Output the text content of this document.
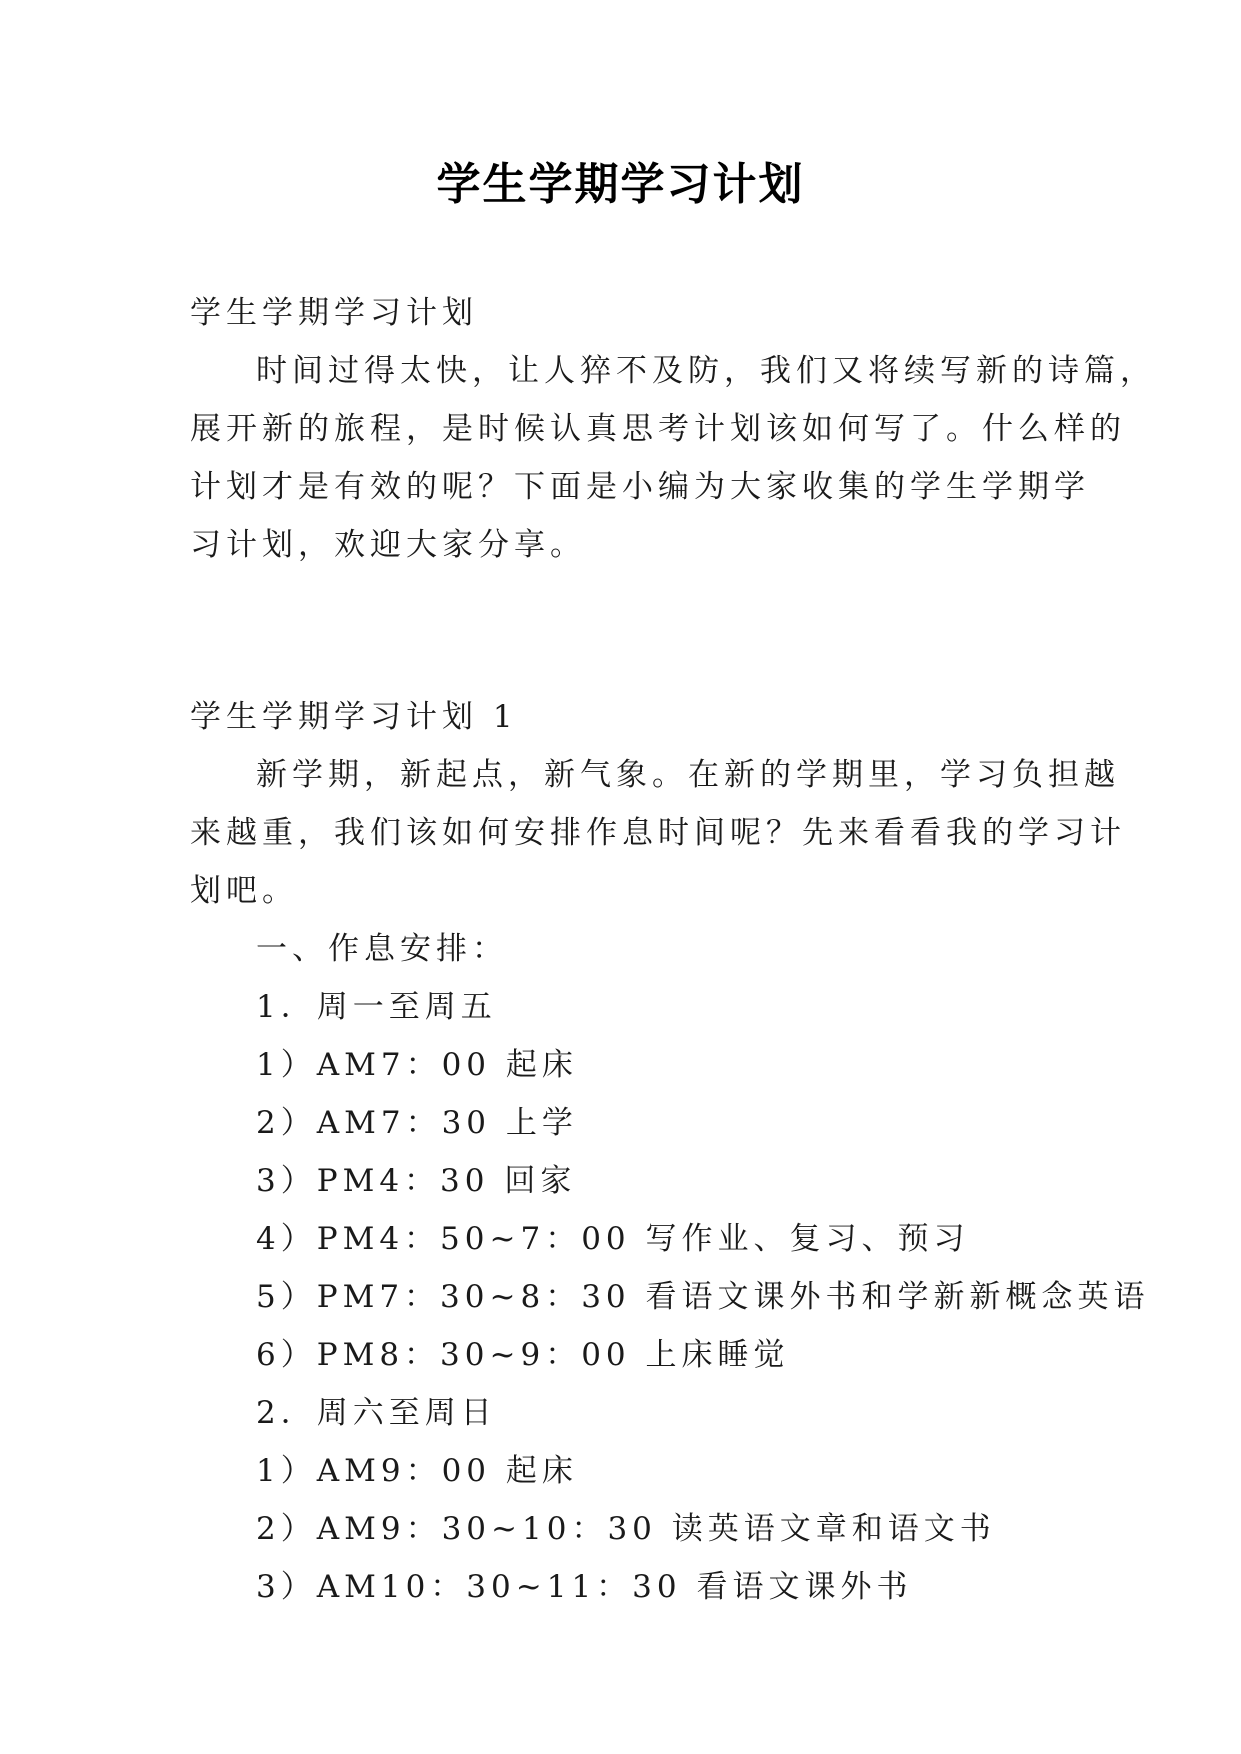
学生学期学习计划
学生学期学习计划
时间过得太快，让人猝不及防，我们又将续写新的诗篇，
展开新的旅程，是时候认真思考计划该如何写了。什么样的
计划才是有效的呢？下面是小编为大家收集的学生学期学
习计划，欢迎大家分享。
学生学期学习计划 1
新学期，新起点，新气象。在新的学期里，学习负担越
来越重，我们该如何安排作息时间呢？先来看看我的学习计
划吧。
一、作息安排：
1．周一至周五
1）AM7：00 起床
2）AM7：30 上学
3）PM4：30 回家
4）PM4：50~7：00 写作业、复习、预习
5）PM7：30~8：30 看语文课外书和学新新概念英语
6）PM8：30~9：00 上床睡觉
2．周六至周日
1）AM9：00 起床
2）AM9：30~10：30 读英语文章和语文书
3）AM10：30~11：30 看语文课外书
